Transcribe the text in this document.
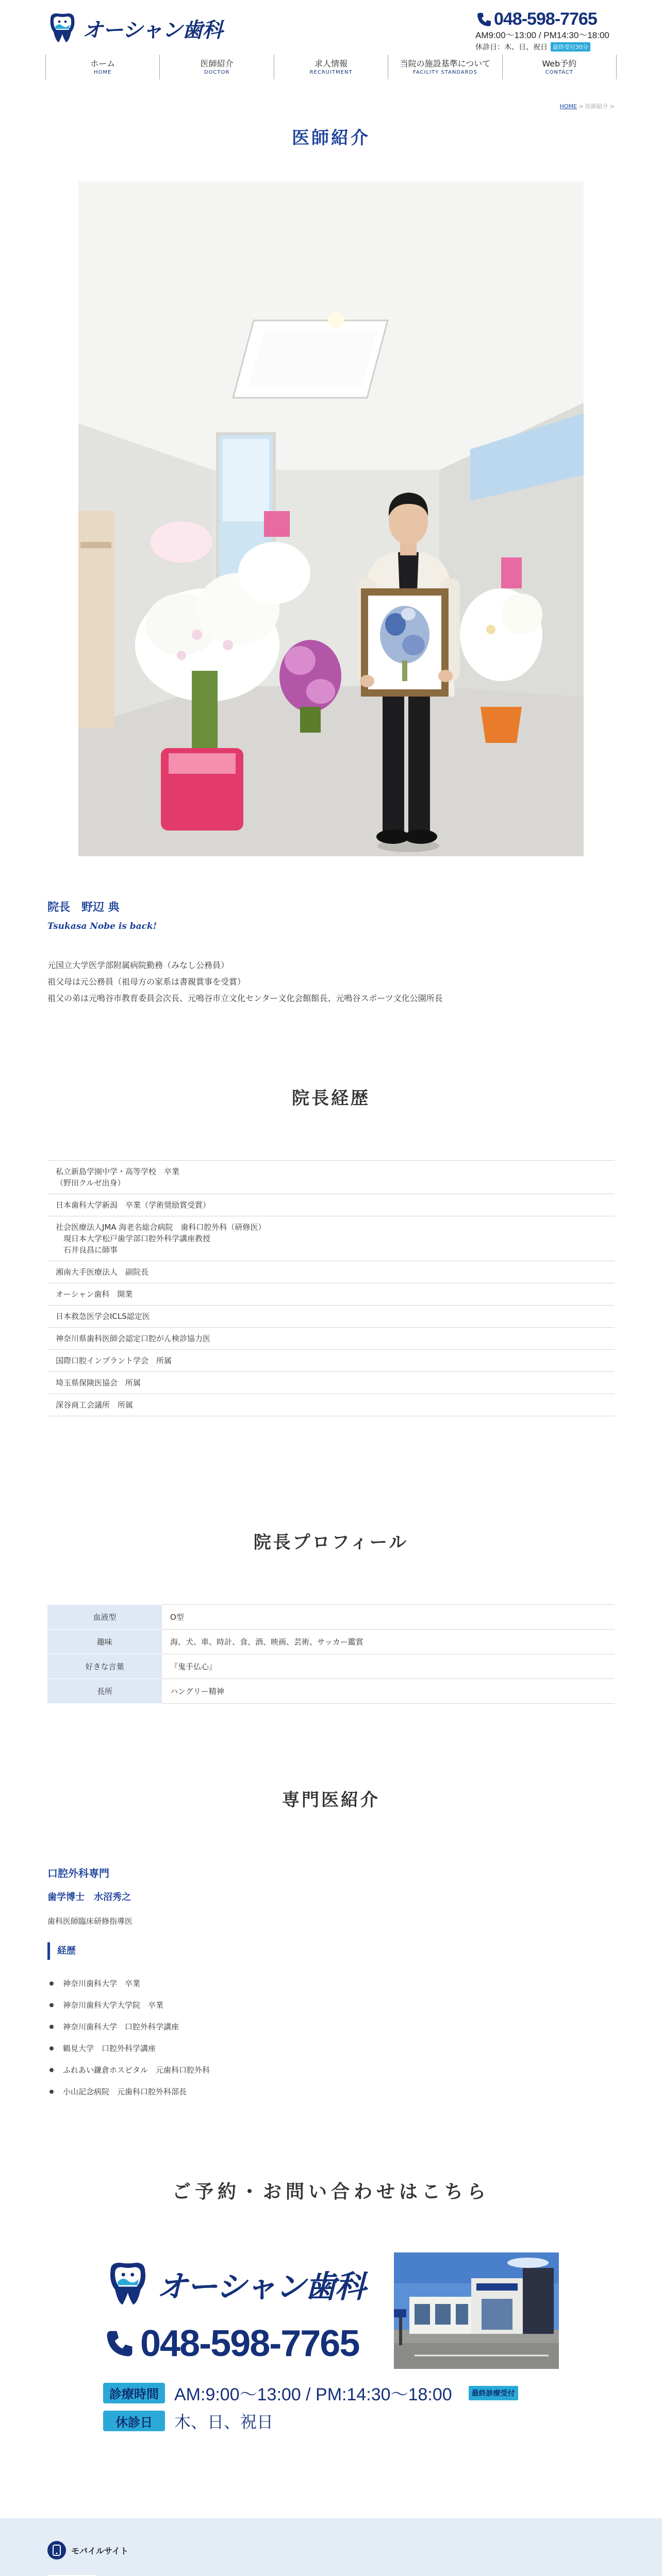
オーシャン歯科	048-598-7765
AM9:00～13:00 / PM14:30～18:00
休診日：木、日、祝日 最終受付30分
ホーム
HOME
医師紹介
DOCTOR
求人情報
RECRUITMENT
当院の施設基準について
FACILITY STANDARDS
Web予約
CONTACT
HOME > 医師紹介 >
医師紹介
院長　野辺 典
Tsukasa Nobe is back!

元国立大学医学部附属病院勤務（みなし公務員）

祖父母は元公務員（祖母方の家系は書親賞事を受賞）

祖父の弟は元鳴谷市教育委員会次長、元鳴谷市立文化センター文化会館館長、元鳴谷スポーツ文化公園所長

院長経歴
私立新島学園中学・高等学校　卒業
（野田クルゼ出身）
日本歯科大学新潟　卒業（学術奨励賞受賞）
社会医療法人JMA 海老名総合病院　歯科口腔外科（研修医）
　現日本大学松戸歯学部口腔外科学講座教授
　石井良昌に師事
湘南大手医療法人　副院長
オーシャン歯科　開業
日本救急医学会ICLS認定医
神奈川県歯科医師会認定口腔がん検診協力医
国際口腔インプラント学会　所属
埼玉県保険医協会　所属
深谷商工会議所　所属
院長プロフィール
血液型	O型
趣味	海、犬、車、時計、食、酒、映画、芸術、サッカー鑑賞
好きな言葉	『鬼手仏心』
長所	ハングリー精神
専門医紹介
口腔外科専門
歯学博士　水沼秀之
歯科医師臨床研修指導医
経歴
神奈川歯科大学　卒業
神奈川歯科大学大学院　卒業
神奈川歯科大学　口腔外科学講座
鶴見大学　口腔外科学講座
ふれあい鎌倉ホスピタル　元歯科口腔外科
小山記念病院　元歯科口腔外科部長
ご予約・お問い合わせはこちら
オーシャン歯科
048-598-7765
診療時間 AM:9:00～13:00 / PM:14:30～18:00	最終診療受付
休診日	木、日、祝日
モバイルサイト
